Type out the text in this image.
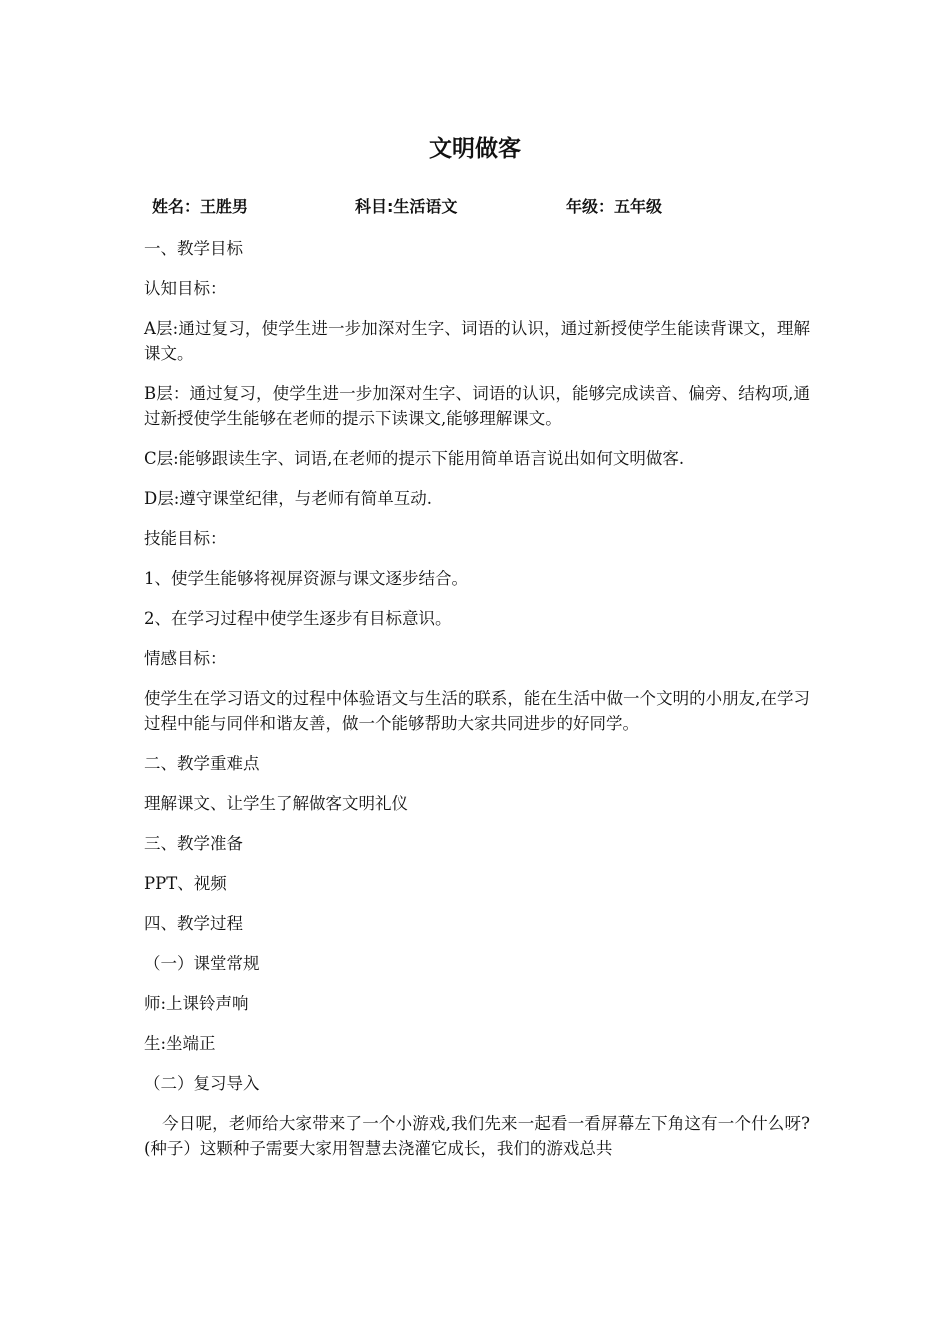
文明做客
姓名：王胜男	科目:生活语文	年级：五年级

一、教学目标

认知目标：

A层:通过复习，使学生进一步加深对生字、词语的认识，通过新授使学生能读背课文，理解课文。

B层：通过复习，使学生进一步加深对生字、词语的认识，能够完成读音、偏旁、结构项,通过新授使学生能够在老师的提示下读课文,能够理解课文。

C层:能够跟读生字、词语,在老师的提示下能用简单语言说出如何文明做客.

D层:遵守课堂纪律，与老师有简单互动.

技能目标：

1、使学生能够将视屏资源与课文逐步结合。

2、在学习过程中使学生逐步有目标意识。

情感目标：

使学生在学习语文的过程中体验语文与生活的联系，能在生活中做一个文明的小朋友,在学习过程中能与同伴和谐友善，做一个能够帮助大家共同进步的好同学。

二、教学重难点

理解课文、让学生了解做客文明礼仪

三、教学准备

PPT、视频

四、教学过程

（一）课堂常规

师:上课铃声响

生:坐端正

（二）复习导入

今日呢，老师给大家带来了一个小游戏,我们先来一起看一看屏幕左下角这有一个什么呀?(种子）这颗种子需要大家用智慧去浇灌它成长，我们的游戏总共
